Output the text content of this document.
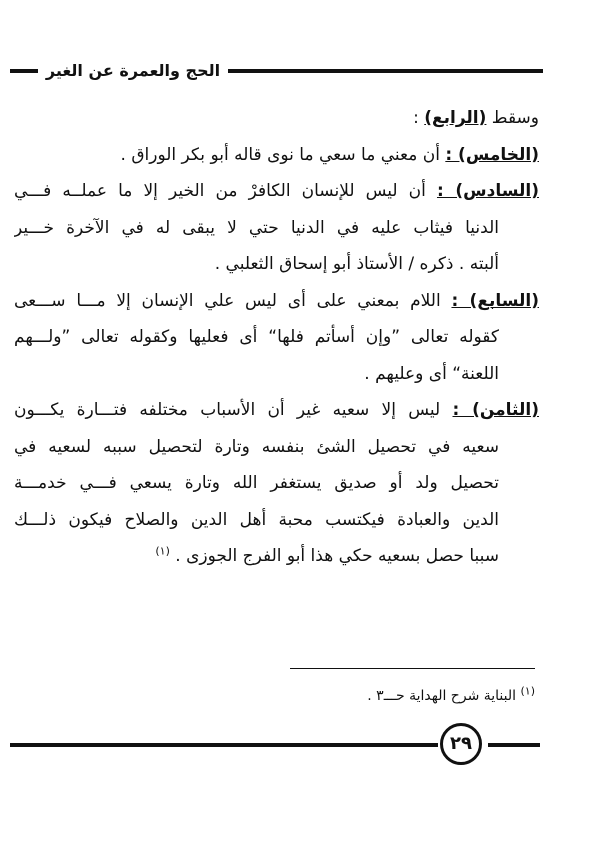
الحج والعمرة عن الغير
وسقط (الرابع) :
(الخامس) : أن معني ما سعي ما نوى قاله أبو بكر الوراق .
(السادس) : أن ليس للإنسان الكافرْ من الخير إلا ما عملــه فـــي
الدنيا فيثاب عليه في الدنيا حتي لا يبقى له في الآخرة خـــير
ألبته . ذكره / الأستاذ أبو إسحاق الثعلبي .
(السابع) : اللام بمعني على أى ليس علي الإنسان إلا مـــا ســـعى
كقوله تعالى ”وإن أسأتم فلها“ أى فعليها وكقوله تعالى ”ولـــهم
اللعنة“ أى وعليهم .
(الثامن) : ليس إلا سعيه غير أن الأسباب مختلفه فتـــارة يكـــون
سعيه في تحصيل الشئ بنفسه وتارة لتحصيل سببه لسعيه في
تحصيل ولد أو صديق يستغفر الله وتارة يسعي فـــي خدمـــة
الدين والعبادة فيكتسب محبة أهل الدين والصلاح فيكون ذلـــك
سببا حصل بسعيه حكي هذا أبو الفرج الجوزى . $^{(١)}$
$^{(١)}$ البناية شرح الهداية حـــ٣ .
٢٩
